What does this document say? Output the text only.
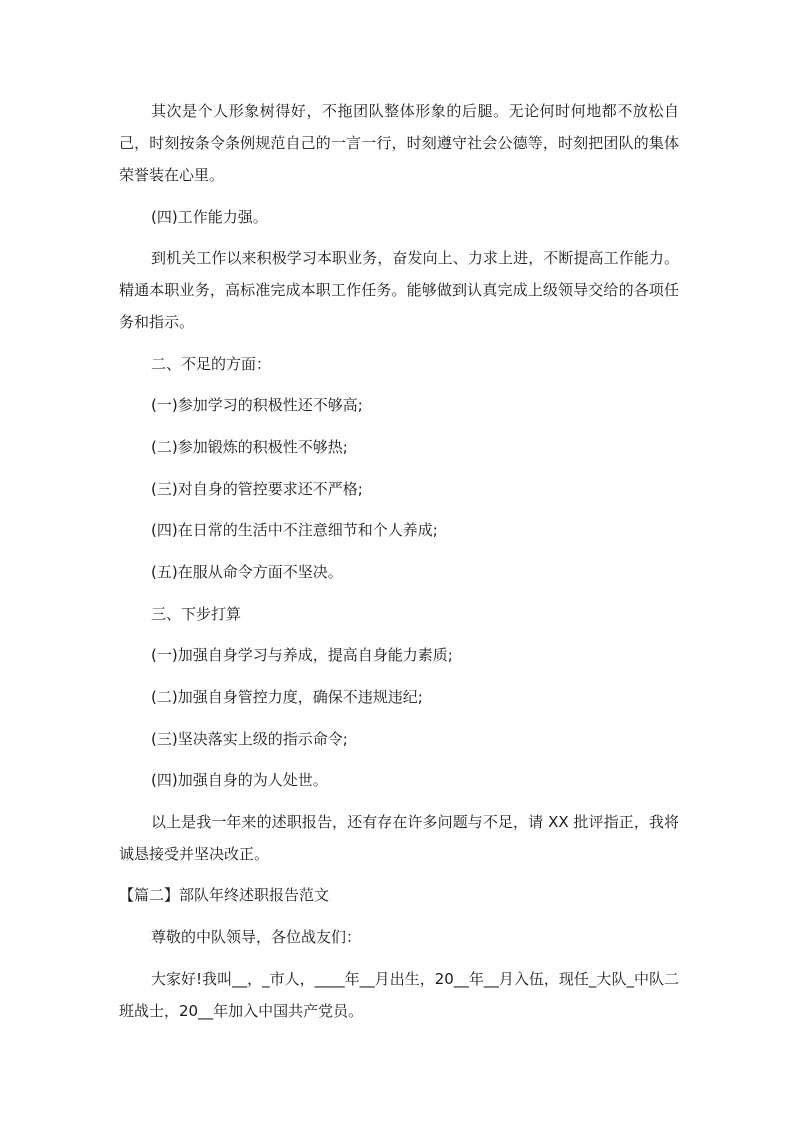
其次是个人形象树得好，不拖团队整体形象的后腿。无论何时何地都不放松自己，时刻按条令条例规范自己的一言一行，时刻遵守社会公德等，时刻把团队的集体荣誉装在心里。

(四)工作能力强。

到机关工作以来积极学习本职业务，奋发向上、力求上进，不断提高工作能力。精通本职业务，高标准完成本职工作任务。能够做到认真完成上级领导交给的各项任务和指示。

二、不足的方面：

(一)参加学习的积极性还不够高;

(二)参加锻炼的积极性不够热;

(三)对自身的管控要求还不严格;

(四)在日常的生活中不注意细节和个人养成;

(五)在服从命令方面不坚决。

三、下步打算

(一)加强自身学习与养成，提高自身能力素质;

(二)加强自身管控力度，确保不违规违纪;

(三)坚决落实上级的指示命令;

(四)加强自身的为人处世。

以上是我一年来的述职报告，还有存在许多问题与不足，请 XX 批评指正，我将诚恳接受并坚决改正。

【篇二】部队年终述职报告范文

尊敬的中队领导，各位战友们：

大家好!我叫__，_市人，____年__月出生，20__年__月入伍，现任_大队_中队二班战士，20__年加入中国共产党员。
